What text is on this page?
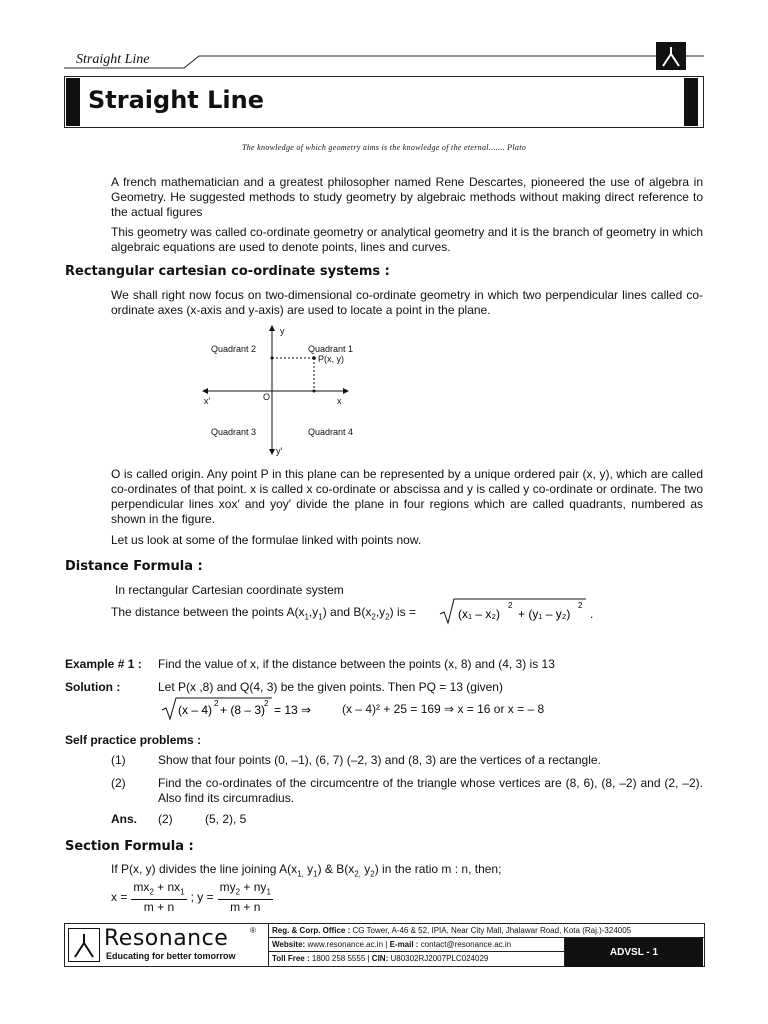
Straight Line
Straight Line
The knowledge of which geometry aims is the knowledge of the eternal....... Plato
A french mathematician and a greatest philosopher named Rene Descartes, pioneered the use of algebra in Geometry. He suggested methods to study geometry by algebraic methods without making direct reference to the actual figures
This geometry was called co-ordinate geometry or analytical geometry and it is the branch of geometry in which algebraic equations are used to denote points, lines and curves.
Rectangular cartesian co-ordinate systems :
We shall right now focus on two-dimensional co-ordinate geometry in which two perpendicular lines called co-ordinate axes (x-axis and y-axis) are used to locate a point in the plane.
y
y′
x
x′	O
Quadrant 1
Quadrant 2
Quadrant 3	Quadrant 4
P(x, y)
O is called origin. Any point P in this plane can be represented by a unique ordered pair (x, y), which are called co-ordinates of that point. x is called x co-ordinate or abscissa and y is called y co-ordinate or ordinate. The two perpendicular lines xox′ and yoy′ divide the plane in four regions which are called quadrants, numbered as shown in the figure.
Let us look at some of the formulae linked with points now.
Distance Formula :
In rectangular Cartesian coordinate system
The distance between the points $A(x_1,y_1)$ and $B(x_2,y_2)$ is =	(x₁ – x₂)
2
+ (y₁ – y₂)
2
.
Example # 1 : Find the value of x, if the distance between the points (x, 8) and (4, 3) is 13
Solution :	Let P(x ,8) and Q(4, 3) be the given points. Then PQ = 13 (given)
(x – 4) 2 + (8 – 3)
2 = 13 ⇒	(x – 4)² + 25 = 169 ⇒ x = 16 or x = – 8
Self practice problems :
(1)	Show that four points (0, –1), (6, 7) (–2, 3) and (8, 3) are the vertices of a rectangle.
(2)	Find the co-ordinates of the circumcentre of the triangle whose vertices are (8, 6), (8, –2) and (2, –2). Also find its circumradius.
Ans. (2)	(5, 2), 5
Section Formula :
If P(x, y) divides the line joining $A(x_{1,}$ $y_1$) & $B(x_{2,}$ $y_2$) in the ratio m : n, then;
$x = \frac{mx_2 + nx_1}{m + n}$ ; $y = \frac{my_2 + ny_1}{m + n}$
Resonance	®
Educating for better tomorrow
Reg. & Corp. Office : CG Tower, A-46 & 52, IPIA, Near City Mall, Jhalawar Road, Kota (Raj.)-324005
Website: www.resonance.ac.in | E-mail : contact@resonance.ac.in
Toll Free : 1800 258 5555 | CIN: U80302RJ2007PLC024029
ADVSL - 1
